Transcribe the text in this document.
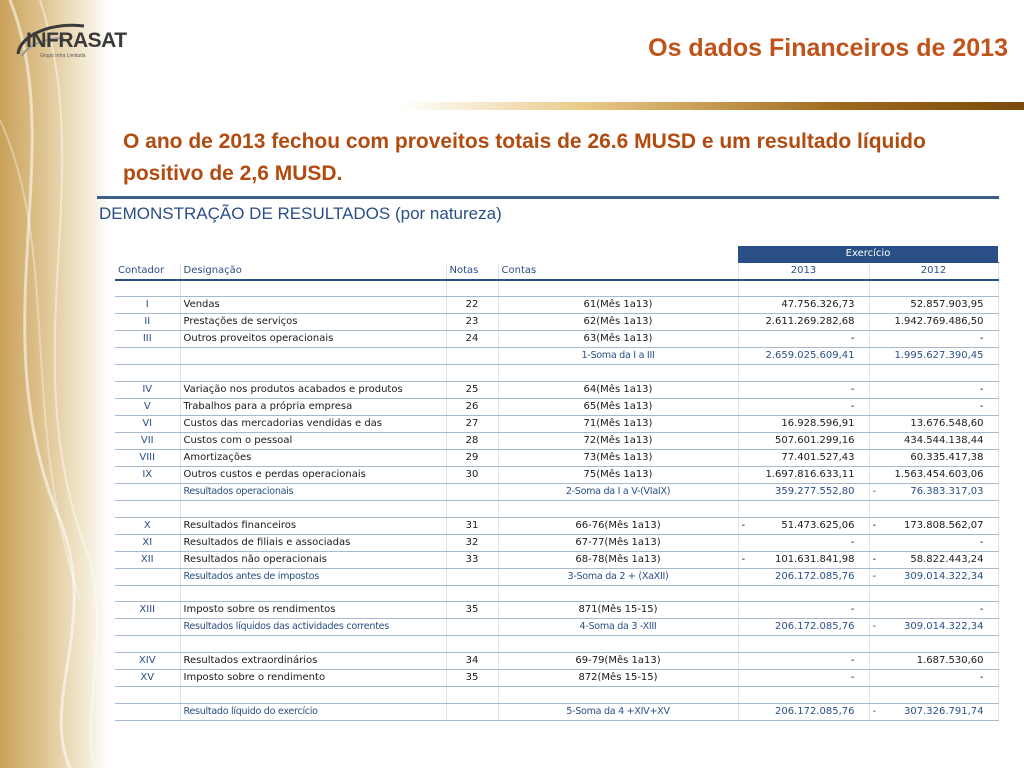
INFRASAT
Grupo Infra Limitada	Os dados Financeiros de 2013
O ano de 2013 fechou com proveitos totais de 26.6 MUSD e um resultado líquido positivo de 2,6 MUSD.
DEMONSTRAÇÃO DE RESULTADOS (por natureza)
				Exercício	
Contador	Designação	Notas	Contas	2013	2012

I	Vendas	22	61(Mês 1a13)	47.756.326,73	52.857.903,95
II	Prestações de serviços	23	62(Mês 1a13)	2.611.269.282,68	1.942.769.486,50
III	Outros proveitos operacionais	24	63(Mês 1a13)	-	-
			1-Soma da I a III	2.659.025.609,41	1.995.627.390,45

IV	Variação nos produtos acabados e produtos	25	64(Mês 1a13)	-	-
V	Trabalhos para a própria empresa	26	65(Mês 1a13)	-	-
VI	Custos das mercadorias vendidas e das	27	71(Mês 1a13)	16.928.596,91	13.676.548,60
VII	Custos com o pessoal	28	72(Mês 1a13)	507.601.299,16	434.544.138,44
VIII	Amortizações	29	73(Mês 1a13)	77.401.527,43	60.335.417,38
IX	Outros custos e perdas operacionais	30	75(Mês 1a13)	1.697.816.633,11	1.563.454.603,06
	Resultados operacionais		2-Soma da I a V-(VIaIX)	359.277.552,80	- 76.383.317,03

X	Resultados financeiros	31	66-76(Mês 1a13)	- 51.473.625,06	- 173.808.562,07

XI	Resultados de filiais e associadas	32	67-77(Mês 1a13)	-	-
XII	Resultados não operacionais	33	68-78(Mês 1a13)	- 101.631.841,98	- 58.822.443,24

	Resultados antes de impostos		3-Soma da 2 + (XaXII)	206.172.085,76	- 309.014.322,34

XIII	Imposto sobre os rendimentos	35	871(Mês 15-15)	-	-
	Resultados líquidos das actividades correntes		4-Soma da 3 -XIII	206.172.085,76	- 309.014.322,34

XIV	Resultados extraordinários	34	69-79(Mês 1a13)	-	1.687.530,60
XV	Imposto sobre o rendimento	35	872(Mês 15-15)	-	-

	Resultado líquido do exercício		5-Soma da 4 +XIV+XV	206.172.085,76	- 307.326.791,74
